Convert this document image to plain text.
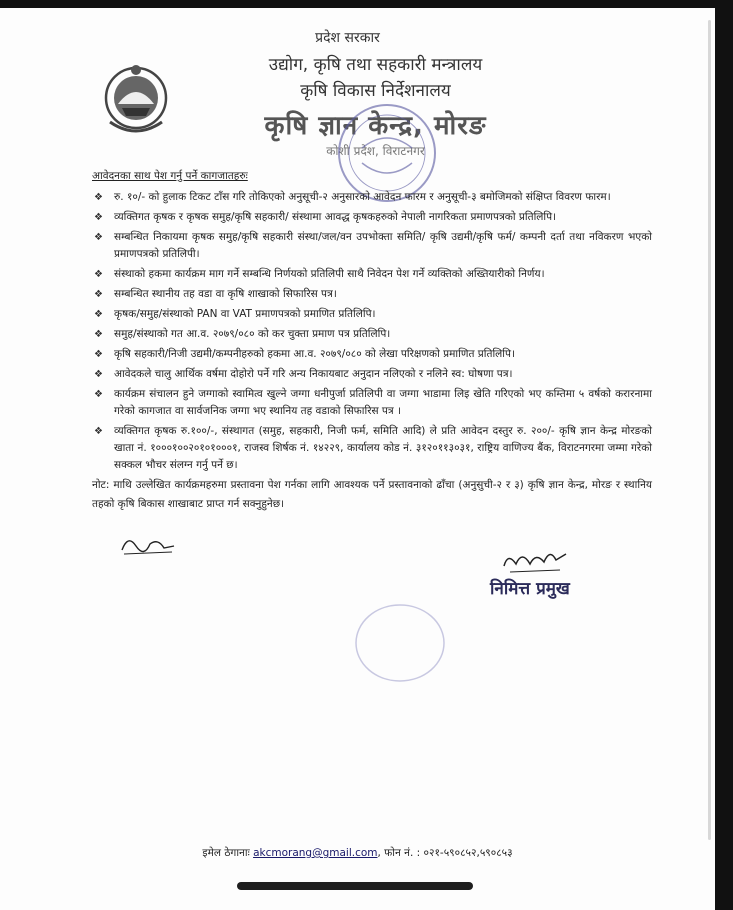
प्रदेश सरकार
उद्योग, कृषि तथा सहकारी मन्त्रालय
कृषि विकास निर्देशनालय
कृषि ज्ञान केन्द्र, मोरङ
कोशी प्रदेश, विराटनगर
आवेदनका साथ पेश गर्नु पर्ने कागजातहरुः
❖ रु. १०/- को हुलाक टिकट टाँस गरि तोकिएको अनुसूची-२ अनुसारको आवेदन फारम र अनुसूची-३ बमोजिमको संक्षिप्त विवरण फारम।
❖ व्यक्तिगत कृषक र कृषक समुह/कृषि सहकारी/ संस्थामा आवद्ध कृषकहरुको नेपाली नागरिकता प्रमाणपत्रको प्रतिलिपि।
❖ सम्बन्धित निकायमा कृषक समुह/कृषि सहकारी संस्था/जल/वन उपभोक्ता समिति/ कृषि उद्यमी/कृषि फर्म/ कम्पनी दर्ता तथा नविकरण भएको प्रमाणपत्रको प्रतिलिपी।
❖ संस्थाको हकमा कार्यक्रम माग गर्ने सम्बन्धि निर्णयको प्रतिलिपी साथै निवेदन पेश गर्ने व्यक्तिको अख्तियारीको निर्णय।
❖ सम्बन्धित स्थानीय तह वडा वा कृषि शाखाको सिफारिस पत्र।
❖ कृषक/समुह/संस्थाको PAN वा VAT प्रमाणपत्रको प्रमाणित प्रतिलिपि।
❖ समुह/संस्थाको गत आ.व. २०७९/०८० को कर चुक्ता प्रमाण पत्र प्रतिलिपि।
❖ कृषि सहकारी/निजी उद्यमी/कम्पनीहरुको हकमा आ.व. २०७९/०८० को लेखा परिक्षणको प्रमाणित प्रतिलिपि।
❖ आवेदकले चालु आर्थिक वर्षमा दोहोरो पर्ने गरि अन्य निकायबाट अनुदान नलिएको र नलिने स्व: घोषणा पत्र।
❖ कार्यक्रम संचालन हुने जग्गाको स्वामित्व खुल्ने जग्गा धनीपुर्जा प्रतिलिपी वा जग्गा भाडामा लिइ खेति गरिएको भए कम्तिमा ५ वर्षको करारनामा गरेको कागजात वा सार्वजनिक जग्गा भए स्थानिय तह वडाको सिफारिस पत्र ।
❖ व्यक्तिगत कृषक रु.१००/-, संस्थागत (समुह, सहकारी, निजी फर्म, समिति आदि) ले प्रति आवेदन दस्तुर रु. २००/- कृषि ज्ञान केन्द्र मोरङको खाता नं. १०००१००२०१०१०००१, राजस्व शिर्षक नं. १४२२९, कार्यालय कोड नं. ३१२०११३०३१, राष्ट्रिय वाणिज्य बैंक, विराटनगरमा जम्मा गरेको सक्कल भौचर संलग्न गर्नु पर्ने छ।
नोट: माथि उल्लेखित कार्यक्रमहरुमा प्रस्तावना पेश गर्नका लागि आवश्यक पर्ने प्रस्तावनाको ढाँचा (अनुसुची-२ र ३) कृषि ज्ञान केन्द्र, मोरङ र स्थानिय तहको कृषि बिकास शाखाबाट प्राप्त गर्न सक्नुहुनेछ।
निमित्त प्रमुख
इमेल ठेगानाः akcmorang@gmail.com, फोन नं. : ०२१-५९०८५२,५९०८५३
